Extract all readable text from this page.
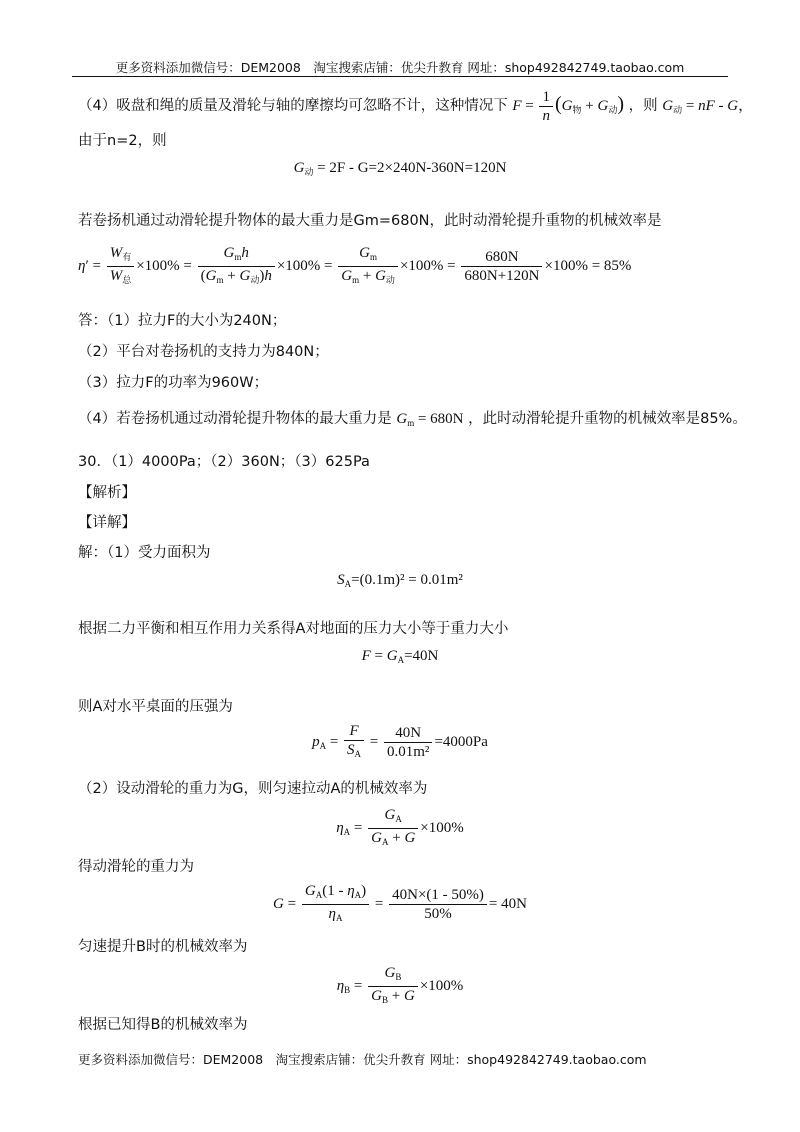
更多资料添加微信号：DEM2008　淘宝搜索店铺：优尖升教育 网址：shop492842749.taobao.com
（4）吸盘和绳的质量及滑轮与轴的摩擦均可忽略不计，这种情况下 $F = \frac{1}{n} (G_物 + G_动)$ ，则 $G_动$ = nF - G，
由于n=2，则
$G_动 = 2F - G=2\times 240N-360N=120N$
若卷扬机通过动滑轮提升物体的最大重力是Gm=680N，此时动滑轮提升重物的机械效率是
$\eta' = \frac{W_有}{W_总} \times 100\% = \frac{G_mh}{(G_m + G_动)h} \times 100\% = \frac{G_m}{G_m + G_动} \times 100\% = \frac{680N}{680N+120N} \times 100\% = 85\%$
答：（1）拉力F的大小为240N；
（2）平台对卷扬机的支持力为840N；
（3）拉力F的功率为960W；
（4）若卷扬机通过动滑轮提升物体的最大重力是 $G_m = 680N$ ，此时动滑轮提升重物的机械效率是85%。
30．（1）4000Pa；（2）360N；（3）625Pa
【解析】
【详解】
解：（1）受力面积为
$S_A=(0.1m)^2 = 0.01m^2$
根据二力平衡和相互作用力关系得A对地面的压力大小等于重力大小
$F = G_A=40N$
则A对水平桌面的压强为
$p_A = \frac{F}{S_A} = \frac{40N}{\text{0.01m²}} =4000Pa$
（2）设动滑轮的重力为G，则匀速拉动A的机械效率为
$\eta_A = \frac{G_A}{G_A + G} \times 100\%$
得动滑轮的重力为
$G = \frac{G_A(1 - \eta_A)}{\eta_A} = \frac{40N\times(1 - 50\%)}{50\%} = 40N$
匀速提升B时的机械效率为
$\eta_B = \frac{G_B}{G_B + G} \times 100\%$
根据已知得B的机械效率为
更多资料添加微信号：DEM2008　淘宝搜索店铺：优尖升教育 网址：shop492842749.taobao.com
